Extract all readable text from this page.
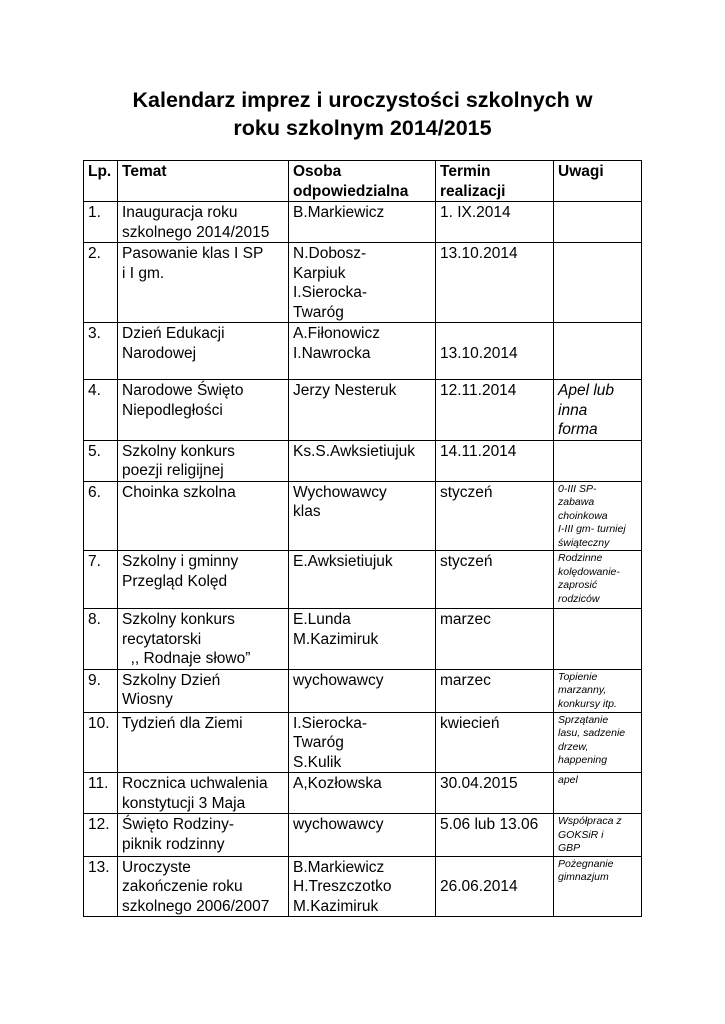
Kalendarz imprez i uroczystości szkolnych w
roku szkolnym 2014/2015
Lp.	Temat	Osoba
odpowiedzialna	Termin
realizacji	Uwagi

1.	Inauguracja roku
szkolnego 2014/2015	B.Markiewicz	1. IX.2014	

2.	Pasowanie klas I SP
i I gm.	N.Dobosz-
Karpiuk
I.Sierocka-
Twaróg	13.10.2014	

3.	Dzień Edukacji
Narodowej	A.Fiłonowicz
I.Nawrocka	13.10.2014	

4.	Narodowe Święto
Niepodległości	Jerzy Nesteruk	12.11.2014	Apel lub
inna
forma

5.	Szkolny konkurs
poezji religijnej	Ks.S.Awksietiujuk	14.11.2014	

6.	Choinka szkolna	Wychowawcy
klas	styczeń	0-III SP-
zabawa
choinkowa
I-III gm- turniej
świąteczny

7.	Szkolny i gminny
Przegląd Kolęd	E.Awksietiujuk	styczeń	Rodzinne
kolędowanie-
zaprosić
rodziców

8.	Szkolny konkurs
recytatorski
,, Rodnaje słowo”	E.Lunda
M.Kazimiruk	marzec	

9.	Szkolny Dzień
Wiosny	wychowawcy	marzec	Topienie
marzanny,
konkursy itp.

10.	Tydzień dla Ziemi	I.Sierocka-
Twaróg
S.Kulik	kwiecień	Sprzątanie
lasu, sadzenie
drzew,
happening

11.	Rocznica uchwalenia
konstytucji 3 Maja	A,Kozłowska	30.04.2015	apel

12.	Święto Rodziny-
piknik rodzinny	wychowawcy	5.06 lub 13.06	Współpraca z
GOKSiR i
GBP

13.	Uroczyste
zakończenie roku
szkolnego 2006/2007	B.Markiewicz
H.Treszczotko
M.Kazimiruk	26.06.2014	Pożegnanie
gimnazjum
